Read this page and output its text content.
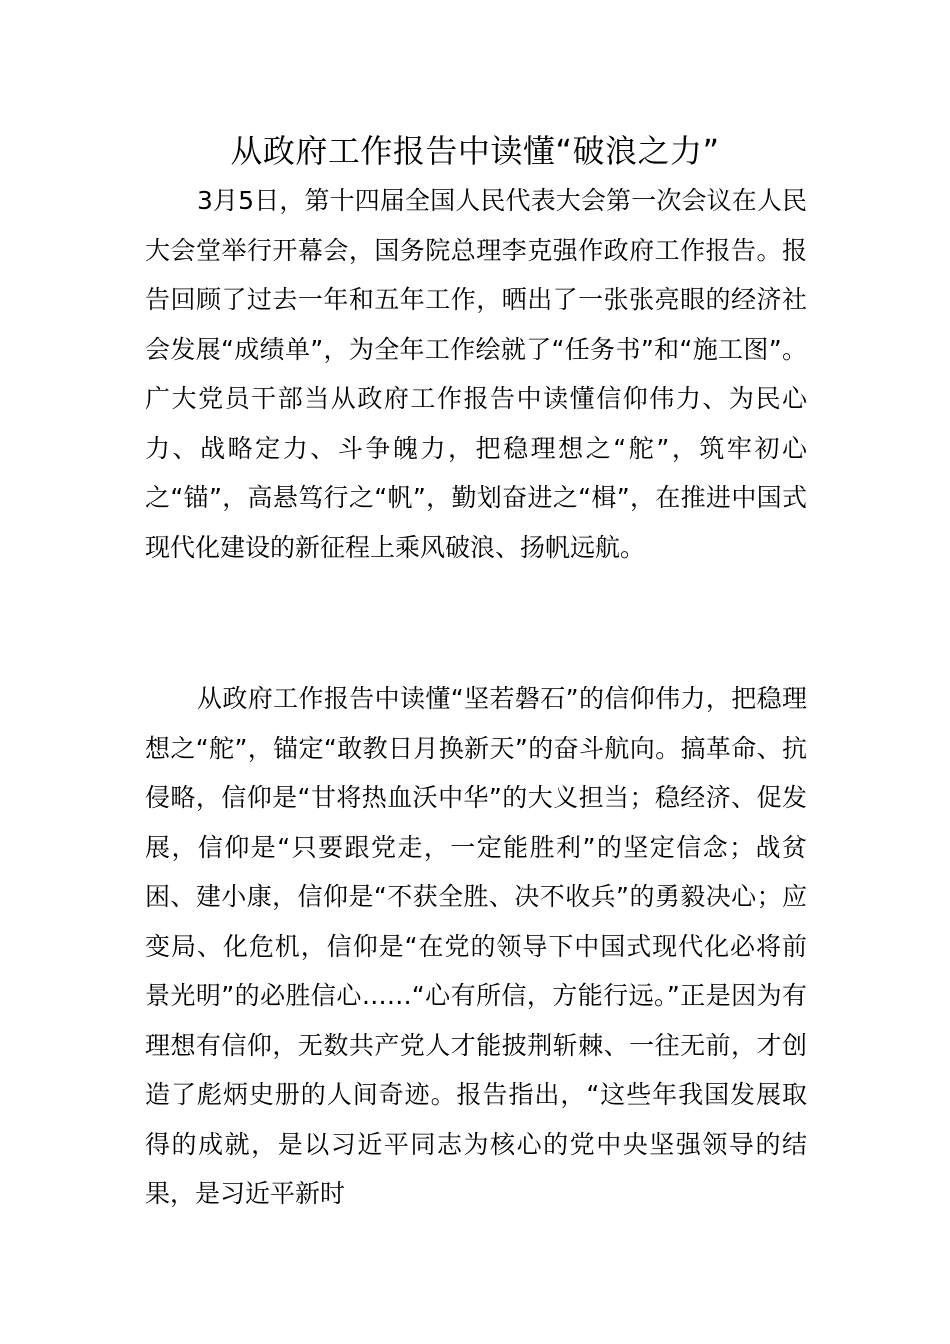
从政府工作报告中读懂“破浪之力”

3月5日，第十四届全国人民代表大会第一次会议在人民大会堂举行开幕会，国务院总理李克强作政府工作报告。报告回顾了过去一年和五年工作，晒出了一张张亮眼的经济社会发展“成绩单”，为全年工作绘就了“任务书”和“施工图”。广大党员干部当从政府工作报告中读懂信仰伟力、为民心力、战略定力、斗争魄力，把稳理想之“舵”，筑牢初心之“锚”，高悬笃行之“帆”，勤划奋进之“楫”，在推进中国式现代化建设的新征程上乘风破浪、扬帆远航。

从政府工作报告中读懂“坚若磐石”的信仰伟力，把稳理想之“舵”，锚定“敢教日月换新天”的奋斗航向。搞革命、抗侵略，信仰是“甘将热血沃中华”的大义担当；稳经济、促发展，信仰是“只要跟党走，一定能胜利”的坚定信念；战贫困、建小康，信仰是“不获全胜、决不收兵”的勇毅决心；应变局、化危机，信仰是“在党的领导下中国式现代化必将前景光明”的必胜信心……“心有所信，方能行远。”正是因为有理想有信仰，无数共产党人才能披荆斩棘、一往无前，才创造了彪炳史册的人间奇迹。报告指出，“这些年我国发展取得的成就，是以习近平同志为核心的党中央坚强领导的结果，是习近平新时
